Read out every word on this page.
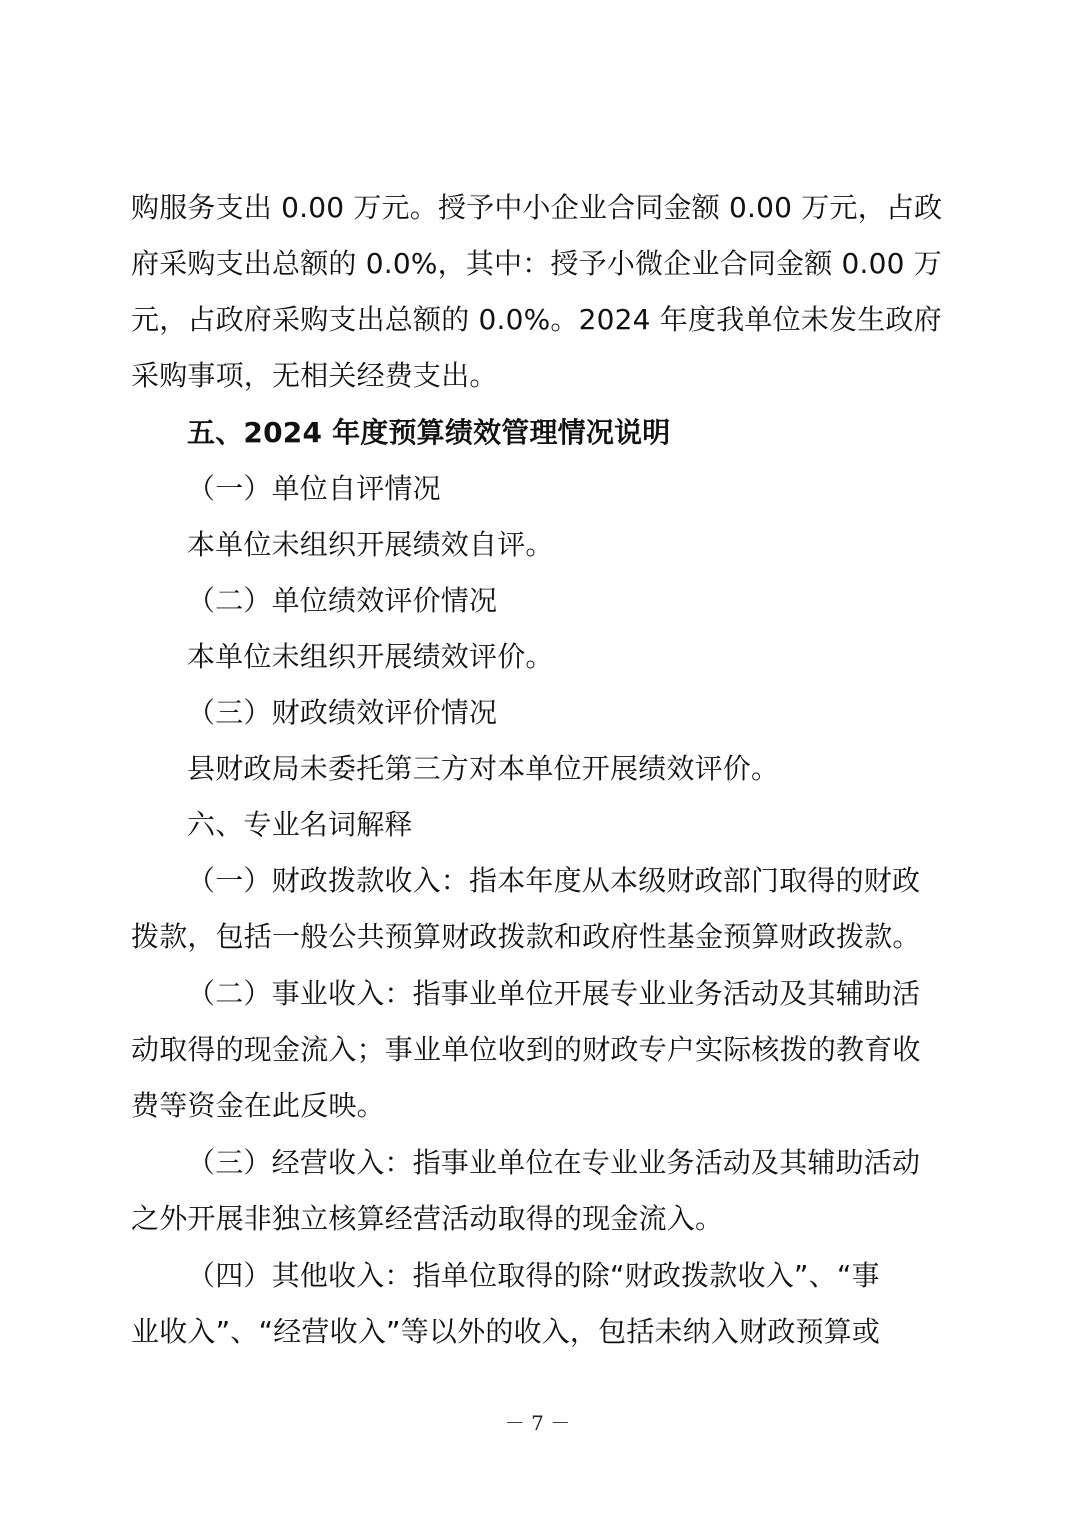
购服务支出 0.00 万元。授予中小企业合同金额 0.00 万元，占政
府采购支出总额的 0.0%，其中：授予小微企业合同金额 0.00 万
元，占政府采购支出总额的 0.0%。2024 年度我单位未发生政府
采购事项，无相关经费支出。
五、2024 年度预算绩效管理情况说明
（一）单位自评情况
本单位未组织开展绩效自评。
（二）单位绩效评价情况
本单位未组织开展绩效评价。
（三）财政绩效评价情况
县财政局未委托第三方对本单位开展绩效评价。
六、专业名词解释
（一）财政拨款收入：指本年度从本级财政部门取得的财政
拨款，包括一般公共预算财政拨款和政府性基金预算财政拨款。
（二）事业收入：指事业单位开展专业业务活动及其辅助活
动取得的现金流入；事业单位收到的财政专户实际核拨的教育收
费等资金在此反映。
（三）经营收入：指事业单位在专业业务活动及其辅助活动
之外开展非独立核算经营活动取得的现金流入。
（四）其他收入：指单位取得的除“财政拨款收入”、“事
业收入”、“经营收入”等以外的收入，包括未纳入财政预算或
－ 7 －
